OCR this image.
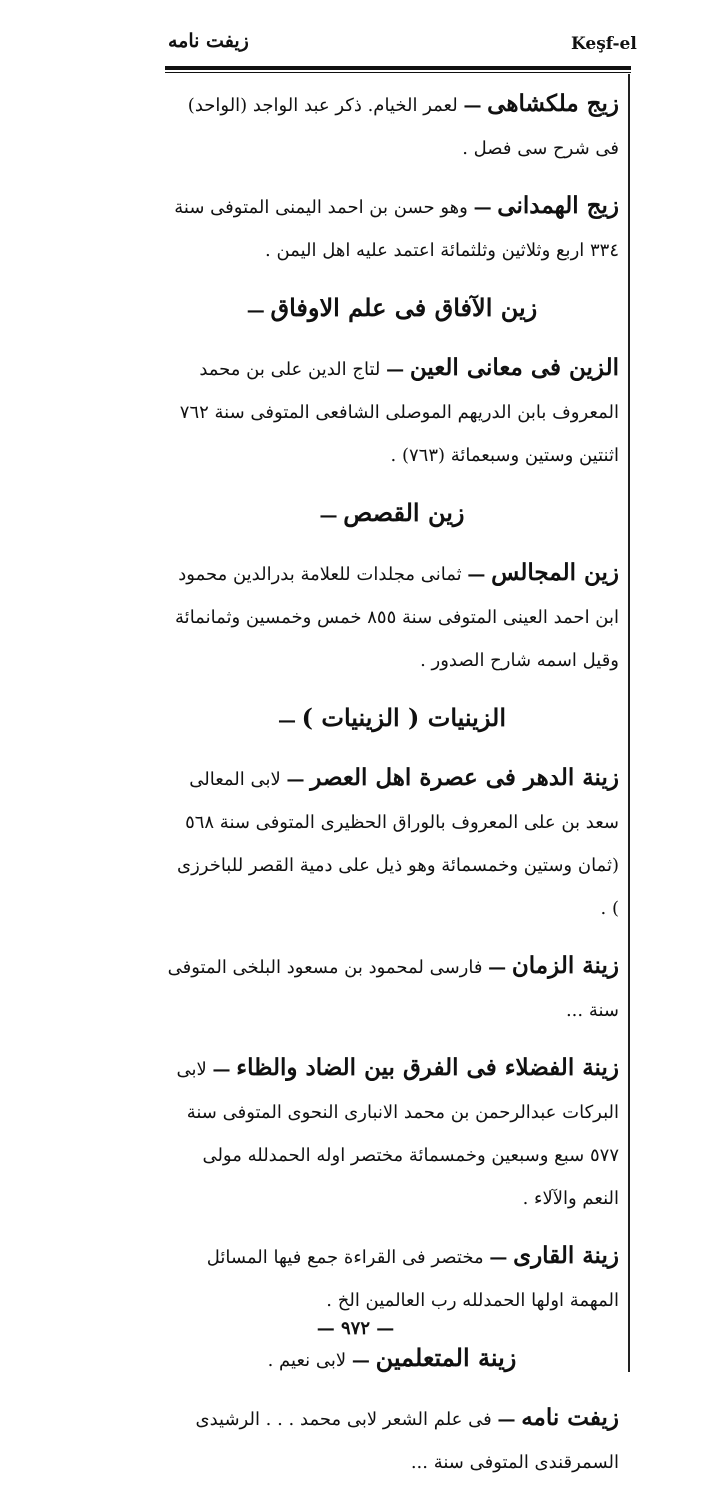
Keşf-el
زيفت نامه
زيج ملكشاهى — لعمر الخيام. ذكر عبد الواجد (الواحد) فى شرح سى فصل .
زيج الهمدانى — وهو حسن بن احمد اليمنى المتوفى سنة ٣٣٤ اربع وثلاثين وثلثمائة اعتمد عليه اهل اليمن .
زين الآفاق فى علم الاوفاق —
الزين فى معانى العين — لتاج الدين على بن محمد المعروف بابن الدريهم الموصلى الشافعى المتوفى سنة ٧٦٢ اثنتين وستين وسبعمائة (٧٦٣) .
زين القصص —
زين المجالس — ثمانى مجلدات للعلامة بدرالدين محمود ابن احمد العينى المتوفى سنة ٨٥٥ خمس وخمسين وثمانمائة وقيل اسمه شارح الصدور .
الزينيات ( الزينيات ) —
زينة الدهر فى عصرة اهل العصر — لابى المعالى سعد بن على المعروف بالوراق الحظيرى المتوفى سنة ٥٦٨ (ثمان وستين وخمسمائة وهو ذيل على دمية القصر للباخرزى ) .
زينة الزمان — فارسى لمحمود بن مسعود البلخى المتوفى سنة ...
زينة الفضلاء فى الفرق بين الضاد والظاء — لابى البركات عبدالرحمن بن محمد الانبارى النحوى المتوفى سنة ٥٧٧ سبع وسبعين وخمسمائة مختصر اوله الحمدلله مولى النعم والآلاء .
زينة القارى — مختصر فى القراءة جمع فيها المسائل المهمة اولها الحمدلله رب العالمين الخ .
زينة المتعلمين — لابى نعيم .
زيفت نامه — فى علم الشعر لابى محمد . . . الرشيدى السمرقندى المتوفى سنة ...
— ٩٧٢ —
